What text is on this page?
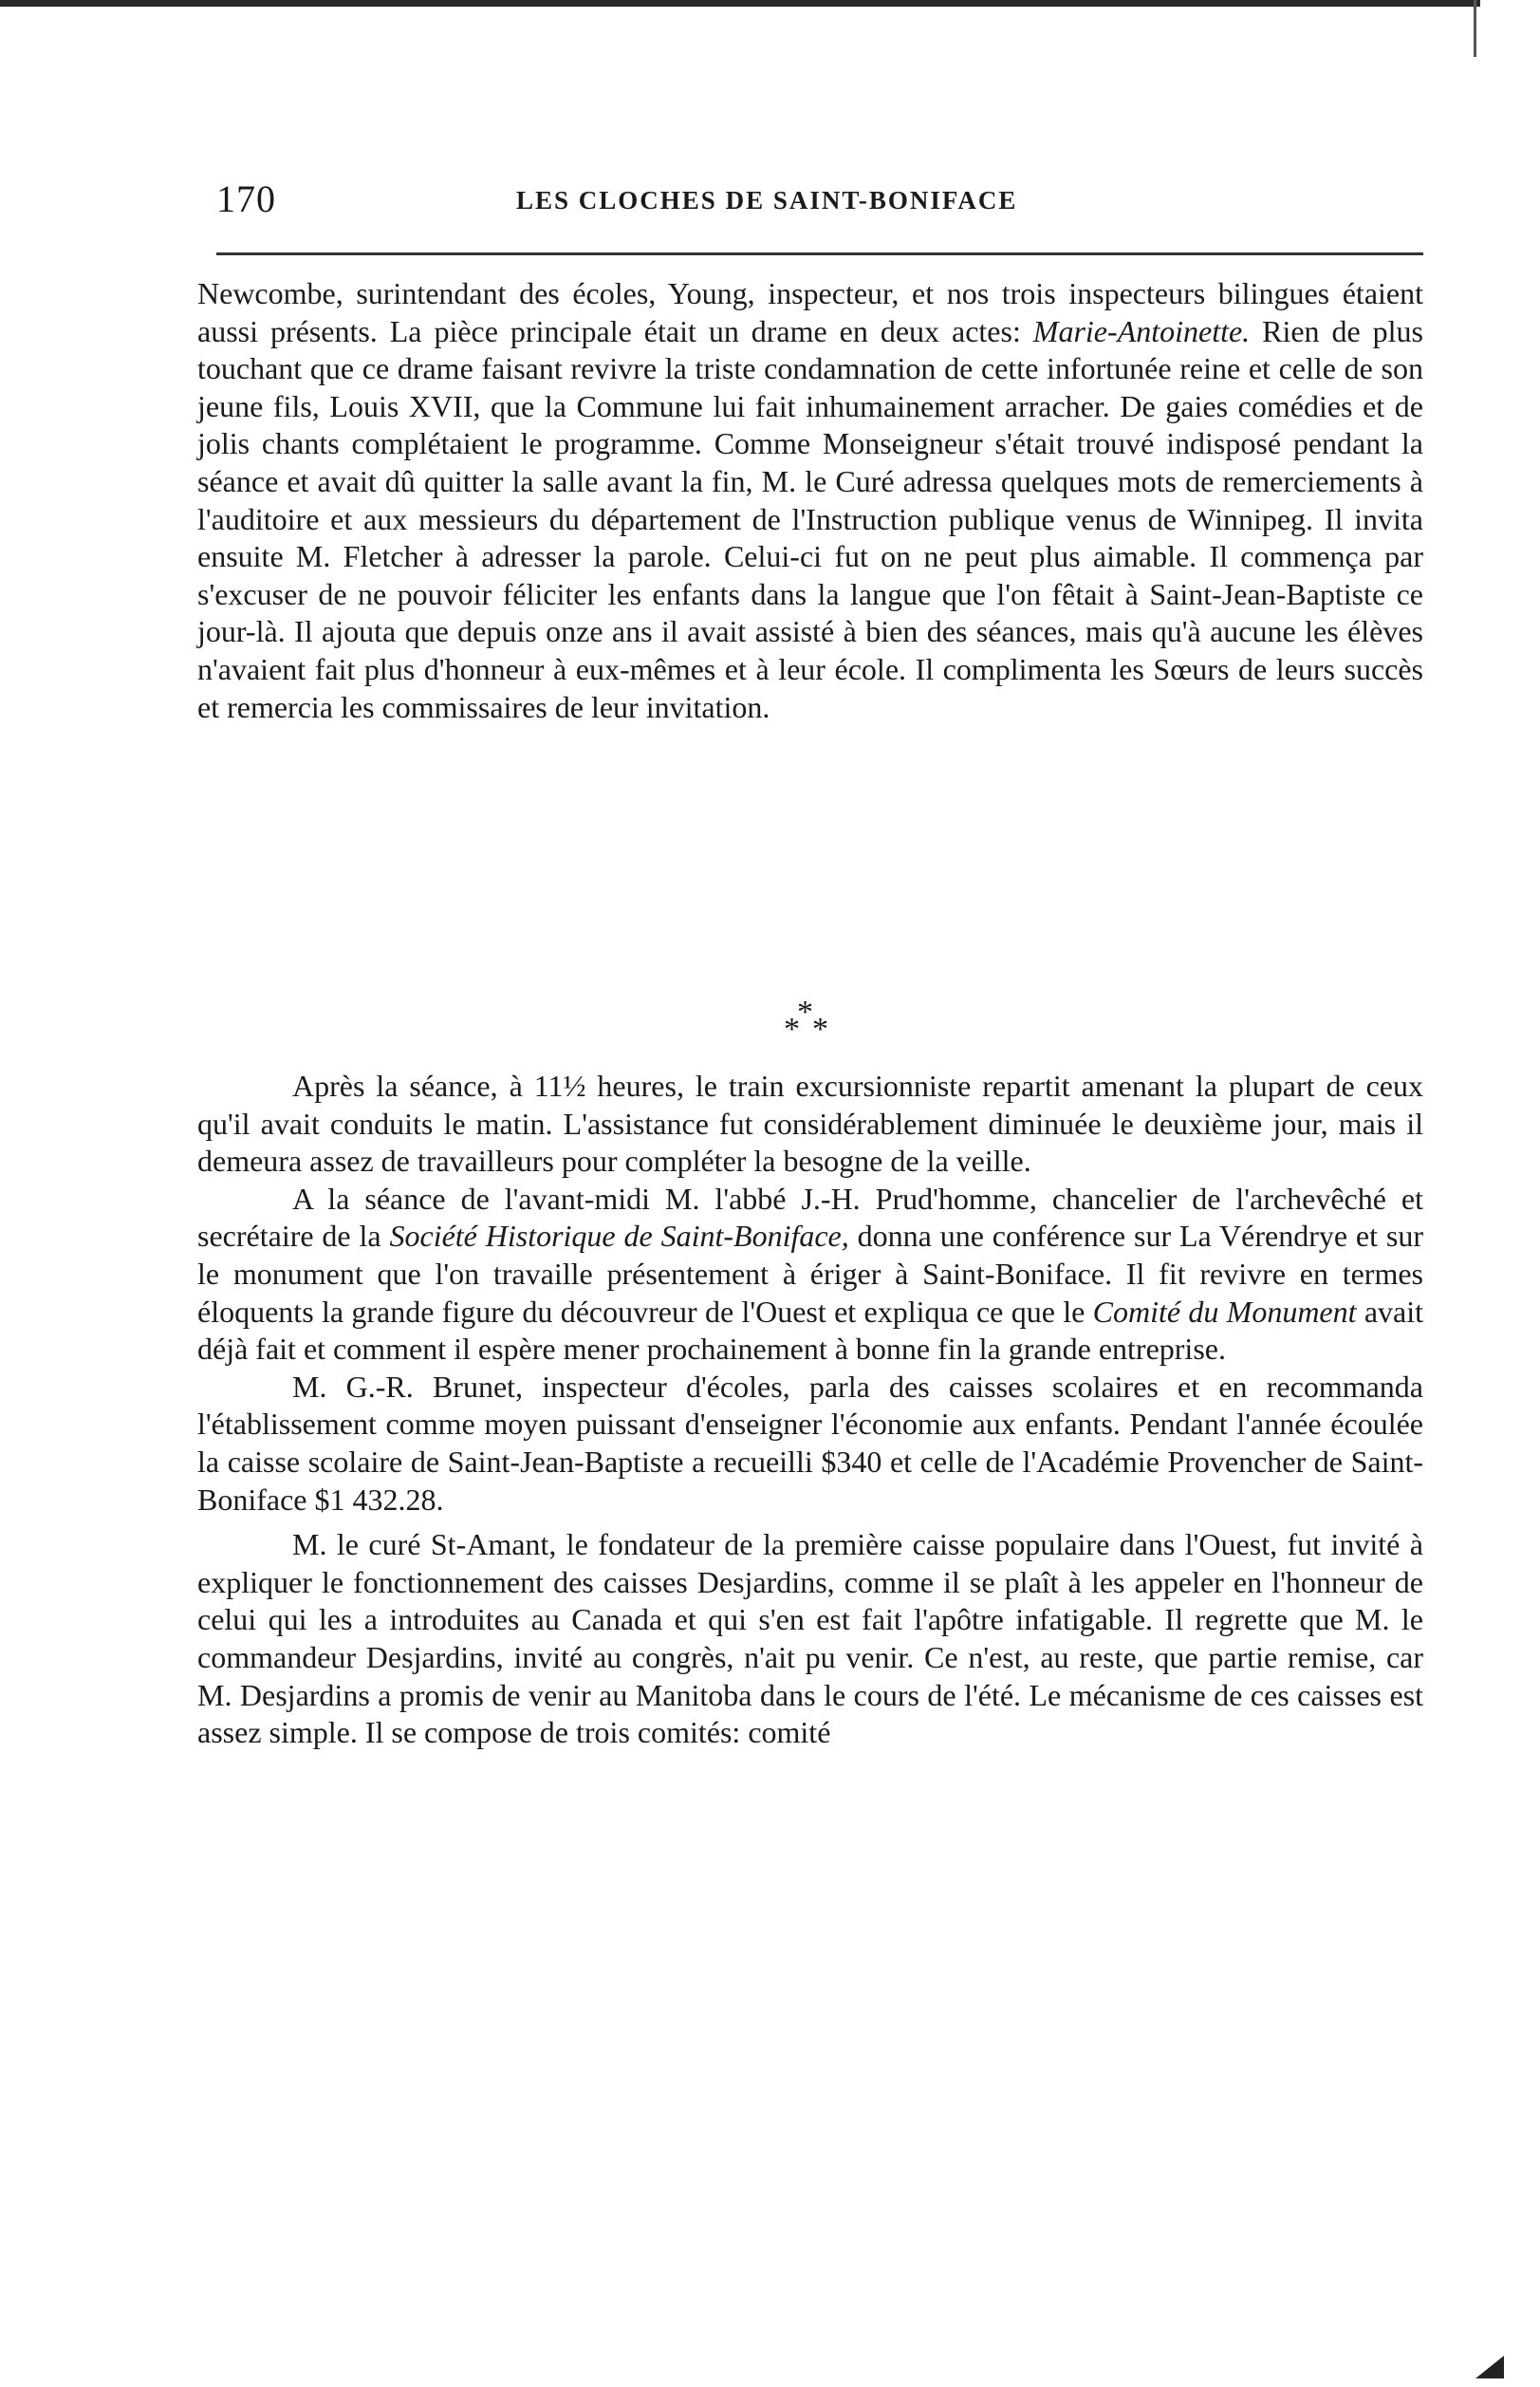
170	LES CLOCHES DE SAINT-BONIFACE

Newcombe, surintendant des écoles, Young, inspecteur, et nos trois inspecteurs bilingues étaient aussi présents. La pièce principale était un drame en deux actes: Marie-Antoinette. Rien de plus touchant que ce drame faisant revivre la triste condamnation de cette infortunée reine et celle de son jeune fils, Louis XVII, que la Commune lui fait inhumainement arracher. De gaies comédies et de jolis chants complétaient le programme. Comme Monseigneur s'était trouvé indisposé pendant la séance et avait dû quitter la salle avant la fin, M. le Curé adressa quelques mots de remerciements à l'auditoire et aux messieurs du département de l'Instruction publique venus de Winnipeg. Il invita ensuite M. Fletcher à adresser la parole. Celui-ci fut on ne peut plus aimable. Il commença par s'excuser de ne pouvoir féliciter les enfants dans la langue que l'on fêtait à Saint-Jean-Baptiste ce jour-là. Il ajouta que depuis onze ans il avait assisté à bien des séances, mais qu'à aucune les élèves n'avaient fait plus d'honneur à eux-mêmes et à leur école. Il complimenta les Sœurs de leurs succès et remercia les commissaires de leur invitation.

*
* *

Après la séance, à 11½ heures, le train excursionniste repartit amenant la plupart de ceux qu'il avait conduits le matin. L'assistance fut considérablement diminuée le deuxième jour, mais il demeura assez de travailleurs pour compléter la besogne de la veille.

A la séance de l'avant-midi M. l'abbé J.-H. Prud'homme, chancelier de l'archevêché et secrétaire de la Société Historique de Saint-Boniface, donna une conférence sur La Vérendrye et sur le monument que l'on travaille présentement à ériger à Saint-Boniface. Il fit revivre en termes éloquents la grande figure du découvreur de l'Ouest et expliqua ce que le Comité du Monument avait déjà fait et comment il espère mener prochainement à bonne fin la grande entreprise.

M. G.-R. Brunet, inspecteur d'écoles, parla des caisses scolaires et en recommanda l'établissement comme moyen puissant d'enseigner l'économie aux enfants. Pendant l'année écoulée la caisse scolaire de Saint-Jean-Baptiste a recueilli $340 et celle de l'Académie Provencher de Saint-Boniface $1 432.28.

M. le curé St-Amant, le fondateur de la première caisse populaire dans l'Ouest, fut invité à expliquer le fonctionnement des caisses Desjardins, comme il se plaît à les appeler en l'honneur de celui qui les a introduites au Canada et qui s'en est fait l'apôtre infatigable. Il regrette que M. le commandeur Desjardins, invité au congrès, n'ait pu venir. Ce n'est, au reste, que partie remise, car M. Desjardins a promis de venir au Manitoba dans le cours de l'été. Le mécanisme de ces caisses est assez simple. Il se compose de trois comités: comité
